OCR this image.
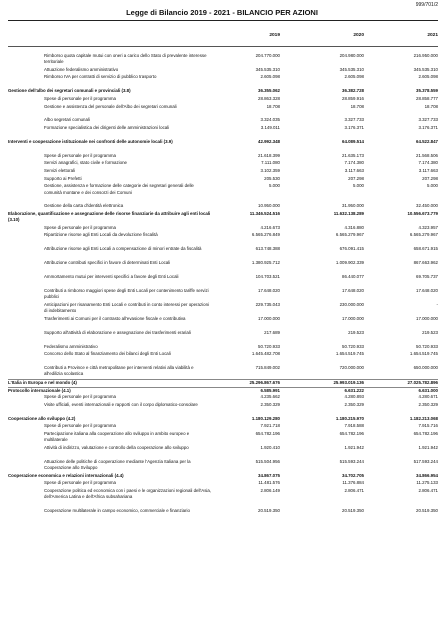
999/701/2
Legge di Bilancio 2019 - 2021 - BILANCIO PER AZIONI
2019	2020	2021
Rimborso quota capitale mutui con oneri a carico dello Stato di prevalente interesse territoriale
204.770.000	204.980.000	216.950.000
Attuazione federalismo amministrativo	345.535.310	345.535.310	345.535.310
Rimborso IVA per contratti di servizio di pubblico trasporto	2.605.098	2.605.098	2.605.098
Gestione dell'albo dei segretari comunali e provinciali (3.8)	36.355.062	36.382.728	35.378.559
Spese di personale per il programma	28.863.328	28.859.916	28.858.777
Gestione e assistenza del personale dell'Albo dei segretari comunali	18.708	18.708	18.708
Albo segretari comunali	3.324.035	3.327.733	3.327.733
Formazione specialistica dei dirigenti delle amministrazioni locali	3.149.011	3.176.371	3.176.371
Interventi e cooperazione istituzionale nei confronti delle autonomie locali (3.9)	42.992.348	64.089.514	64.522.847
Spese di personale per il programma	21.618.399	21.635.173	21.568.506
Servizi anagrafici, stato civile e formazione	7.111.080	7.174.380	7.174.380
Servizi elettorali	3.102.359	3.117.663	3.117.663
Supporto ai Prefetti	205.530	207.298	207.298
Gestione, assistenza e formazione delle categorie dei segretari generali delle comunità montane e dei consorzi dei Comuni
5.000	5.000	5.000
Gestione della carta d'identità elettronica	10.950.000	31.950.000	32.450.000
Elaborazione, quantificazione e assegnazione delle risorse finanziarie da attribuire agli enti locali (3.10)
11.346.524.516	11.632.138.289	10.556.673.779
Spese di personale per il programma	4.216.673	4.316.880	4.323.957
Ripartizione risorse agli Enti Locali da devoluzione fiscalità	6.565.276.849	6.565.279.967	6.565.279.967
Attribuzione risorse agli Enti Locali a compensazione di minori entrate da fiscalità	613.748.388	676.091.415	658.671.915
Attribuzione contributi specifici in favore di determinati Enti Locali	1.380.925.712	1.009.902.339	867.663.962
Ammortamento mutui per interventi specifici a favore degli Enti Locali	104.703.521	86.440.077	69.705.737
Contributi a rimborso maggiori spese degli Enti Locali per contenimento tariffe servizi pubblici
17.648.020	17.648.020	17.648.020
Anticipazioni per risanamento Enti Locali e contributi in conto interessi per operazioni di indebitamento
229.735.043	230.000.000	-
Trasferimenti ai Comuni per il contrasto all'evasione fiscale e contributiva	17.000.000	17.000.000	17.000.000
Supporto all'attività di elaborazione e assegnazione dei trasferimenti erariali	217.689	219.523	219.523
Federalismo amministrativo	50.720.933	50.720.933	50.720.933
Concorso dello Stato al finanziamento dei bilanci degli Enti Locali	1.645.482.708	1.654.519.745	1.654.519.745
Contributi a Province e città metropolitane per interventi relativi alla viabilità e all'edilizia scolastica
715.849.002	720.000.000	650.000.000
L'Italia in Europa e nel mondo (4)	25.296.867.676	25.993.019.136	27.025.782.896
Protocollo internazionale (4.1)	6.585.991	6.631.222	6.631.000
Spese di personale per il programma	4.235.662	4.280.893	4.280.671
Visite ufficiali, eventi internazionali e rapporti con il corpo diplomatico-consolare	2.350.329	2.350.329	2.350.329
Cooperazione allo sviluppo (4.2)	1.180.129.280	1.180.215.970	1.182.213.068
Spese di personale per il programma	7.921.718	7.918.588	7.915.716
Partecipazione italiana alla cooperazione allo sviluppo in ambito europeo e multilaterale
654.782.196	654.782.196	654.782.196
Attività di indirizzo, valutazione e controllo della cooperazione allo sviluppo	1.920.410	1.921.942	1.921.942
Attuazione delle politiche di cooperazione mediante l'Agenzia Italiana per la Cooperazione allo Sviluppo
515.504.956	515.593.244	517.593.244
Cooperazione economica e relazioni internazionali (4.4)	34.867.075	34.702.705	34.866.954
Spese di personale per il programma	11.481.576	11.376.884	11.275.133
Cooperazione politica ed economica con i paesi e le organizzazioni regionali dell'Asia, dell'America Latina e dell'Africa subsahariana
2.806.149	2.806.471	2.806.471
Cooperazione multilaterale in campo economico, commerciale e finanziario	20.519.350	20.519.350	20.519.350
